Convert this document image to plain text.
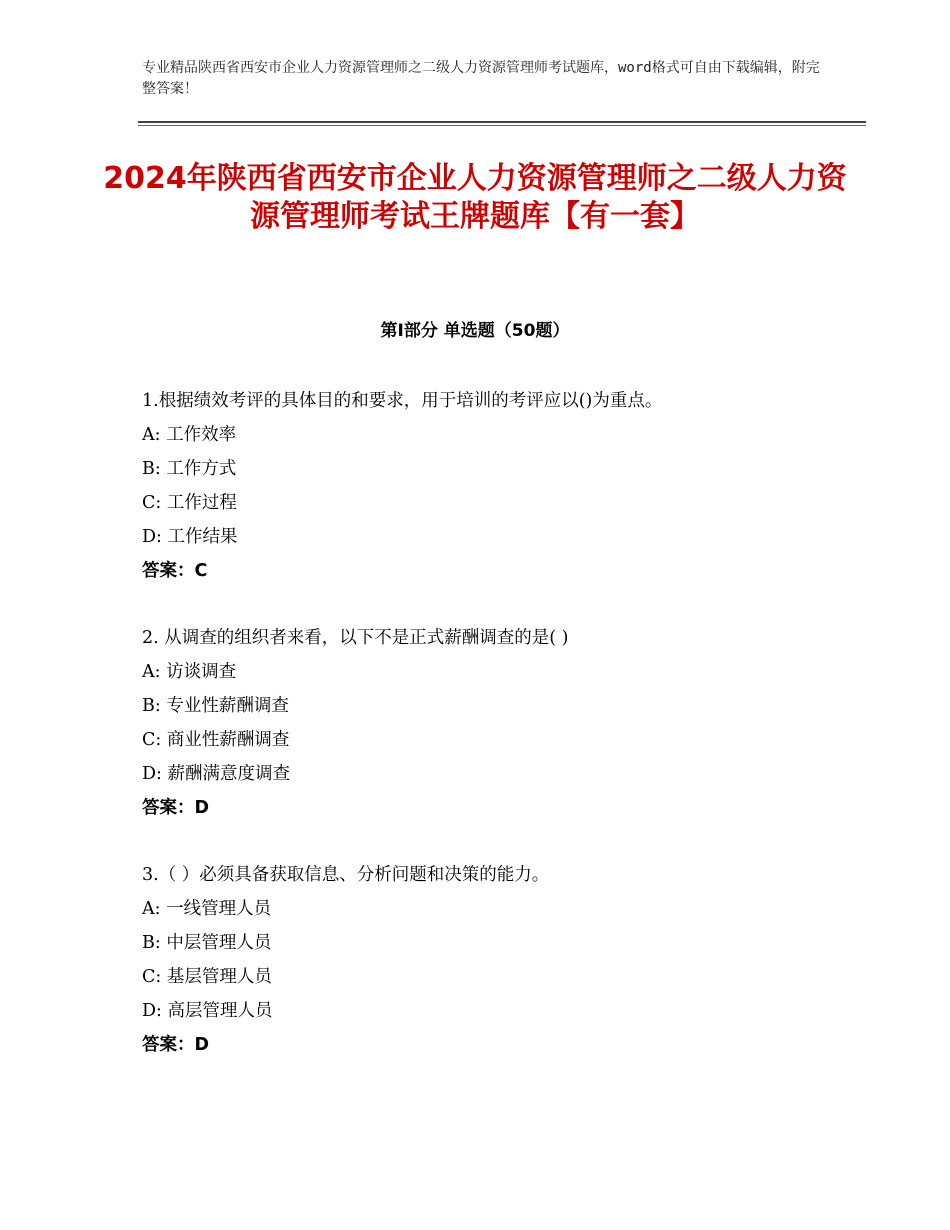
专业精品陕西省西安市企业人力资源管理师之二级人力资源管理师考试题库，word格式可自由下载编辑，附完整答案！
2024年陕西省西安市企业人力资源管理师之二级人力资源管理师考试王牌题库【有一套】
第Ⅰ部分 单选题（50题）
1.根据绩效考评的具体目的和要求，用于培训的考评应以()为重点。
A: 工作效率
B: 工作方式
C: 工作过程
D: 工作结果
答案：C
2. 从调查的组织者来看，以下不是正式薪酬调查的是( )
A: 访谈调查
B: 专业性薪酬调查
C: 商业性薪酬调查
D: 薪酬满意度调查
答案：D
3.（ ）必须具备获取信息、分析问题和决策的能力。
A: 一线管理人员
B: 中层管理人员
C: 基层管理人员
D: 高层管理人员
答案：D
